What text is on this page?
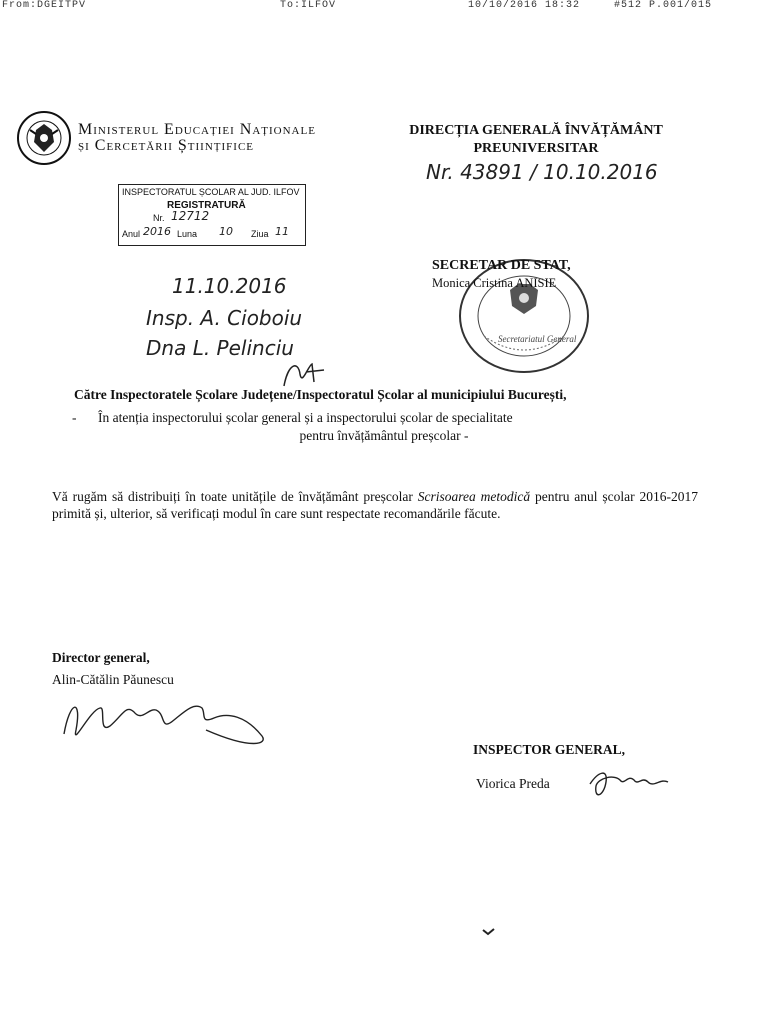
From:DGEITPV	To:ILFOV	10/10/2016 18:32	#512 P.001/015
Ministerul Educației Naționale
și Cercetării Științifice
DIRECȚIA GENERALĂ ÎNVĂȚĂMÂNT
PREUNIVERSITAR
Nr. 43891 / 10.10.2016
INSPECTORATUL ȘCOLAR AL JUD. ILFOV
REGISTRATURĂ
Nr. 12712
Anul 2016 Luna 10 Ziua 11
11.10.2016
Insp. A. Cioboiu
Dna L. Pelinciu	Secretariatul General
SECRETAR DE STAT,
Monica Cristina ANISIE
Către Inspectoratele Școlare Județene/Inspectoratul Școlar al municipiului București,
- În atenția inspectorului școlar general și a inspectorului școlar de specialitate
pentru învățământul preșcolar -
Vă rugăm să distribuiți în toate unitățile de învățământ preșcolar Scrisoarea metodică pentru anul școlar 2016-2017 primită și, ulterior, să verificați modul în care sunt respectate recomandările făcute.
Director general,
Alin-Cătălin Păunescu
INSPECTOR GENERAL,
Viorica Preda
